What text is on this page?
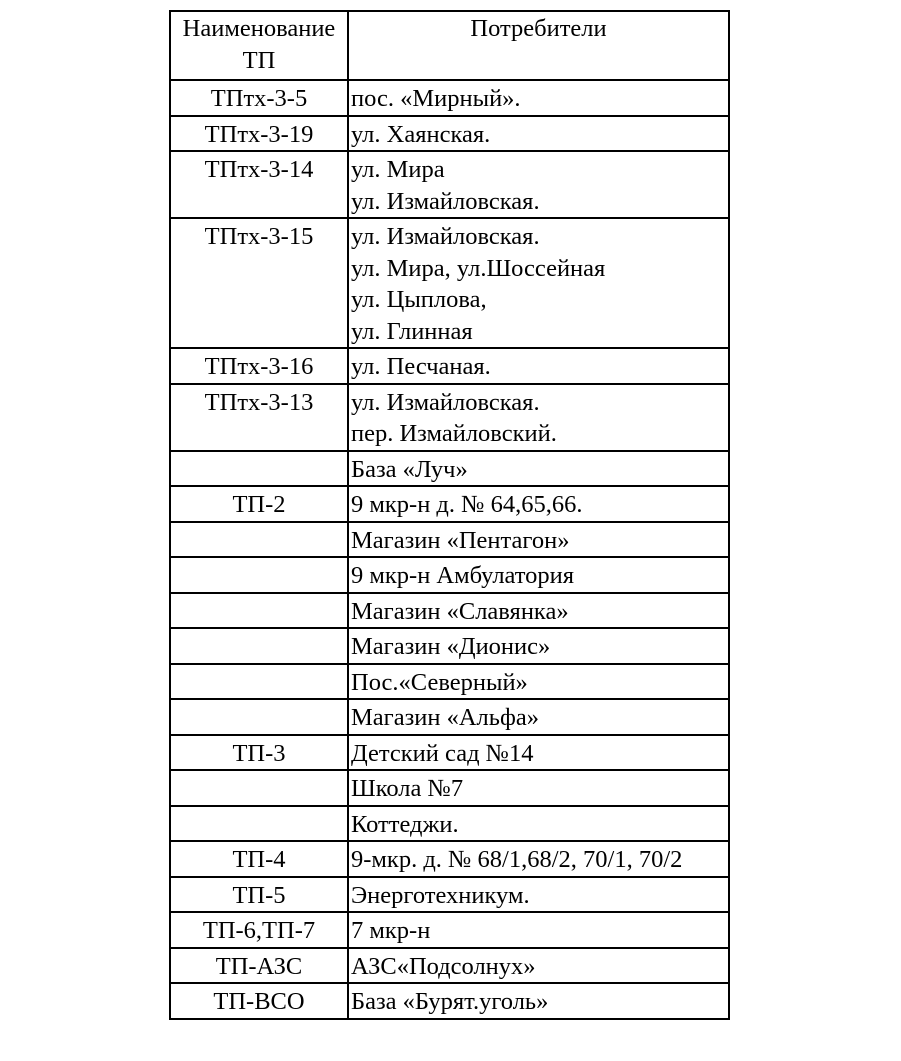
Наименование
ТП	Потребители

ТПтх-3-5	пос. «Мирный».

ТПтх-3-19	ул. Хаянская.

ТПтх-3-14	ул. Мира
ул. Измайловская.

ТПтх-3-15	ул. Измайловская.
ул. Мира, ул.Шоссейная
ул. Цыплова,
ул. Глинная

ТПтх-3-16	ул. Песчаная.

ТПтх-3-13	ул. Измайловская.
пер. Измайловский.

	База «Луч»

ТП-2	9 мкр-н д. № 64,65,66.

	Магазин «Пентагон»

	9 мкр-н Амбулатория

	Магазин «Славянка»

	Магазин «Дионис»

	Пос.«Северный»

	Магазин «Альфа»

ТП-3	Детский сад №14

	Школа №7

	Коттеджи.

ТП-4	9-мкр. д. № 68/1,68/2, 70/1, 70/2

ТП-5	Энерготехникум.

ТП-6,ТП-7	7 мкр-н

ТП-АЗС	АЗС«Подсолнух»

ТП-ВСО	База «Бурят.уголь»
